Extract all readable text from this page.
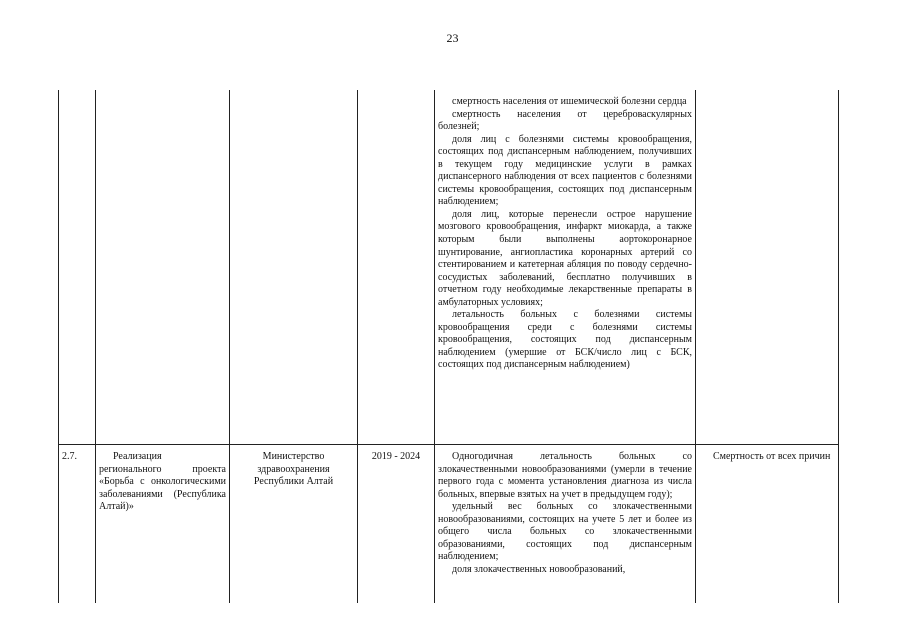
23

				смертность населения от ишемической болезни сердца
смертность населения от цереброваскулярных болезней;
доля лиц с болезнями системы кровообращения, состоящих под диспансерным наблюдением, получивших в текущем году медицинские услуги в рамках диспансерного наблюдения от всех пациентов с болезнями системы кровообращения, состоящих под диспансерным наблюдением;
доля лиц, которые перенесли острое нарушение мозгового кровообращения, инфаркт миокарда, а также которым были выполнены аортокоронарное шунтирование, ангиопластика коронарных артерий со стентированием и катетерная абляция по поводу сердечно-сосудистых заболеваний, бесплатно получивших в отчетном году необходимые лекарственные препараты в амбулаторных условиях;
летальность больных с болезнями системы кровообращения среди с болезнями системы кровообращения, состоящих под диспансерным наблюдением (умершие от БСК/число лиц с БСК, состоящих под диспансерным наблюдением)	

2.7.	Реализация регионального проекта «Борьба с онкологическими заболеваниями (Республика Алтай)»	Министерство здравоохранения Республики Алтай	2019 - 2024	Одногодичная летальность больных со злокачественными новообразованиями (умерли в течение первого года с момента установления диагноза из числа больных, впервые взятых на учет в предыдущем году);
удельный вес больных со злокачественными новообразованиями, состоящих на учете 5 лет и более из общего числа больных со злокачественными образованиями, состоящих под диспансерным наблюдением;
доля злокачественных новообразований,	Смертность от всех причин
